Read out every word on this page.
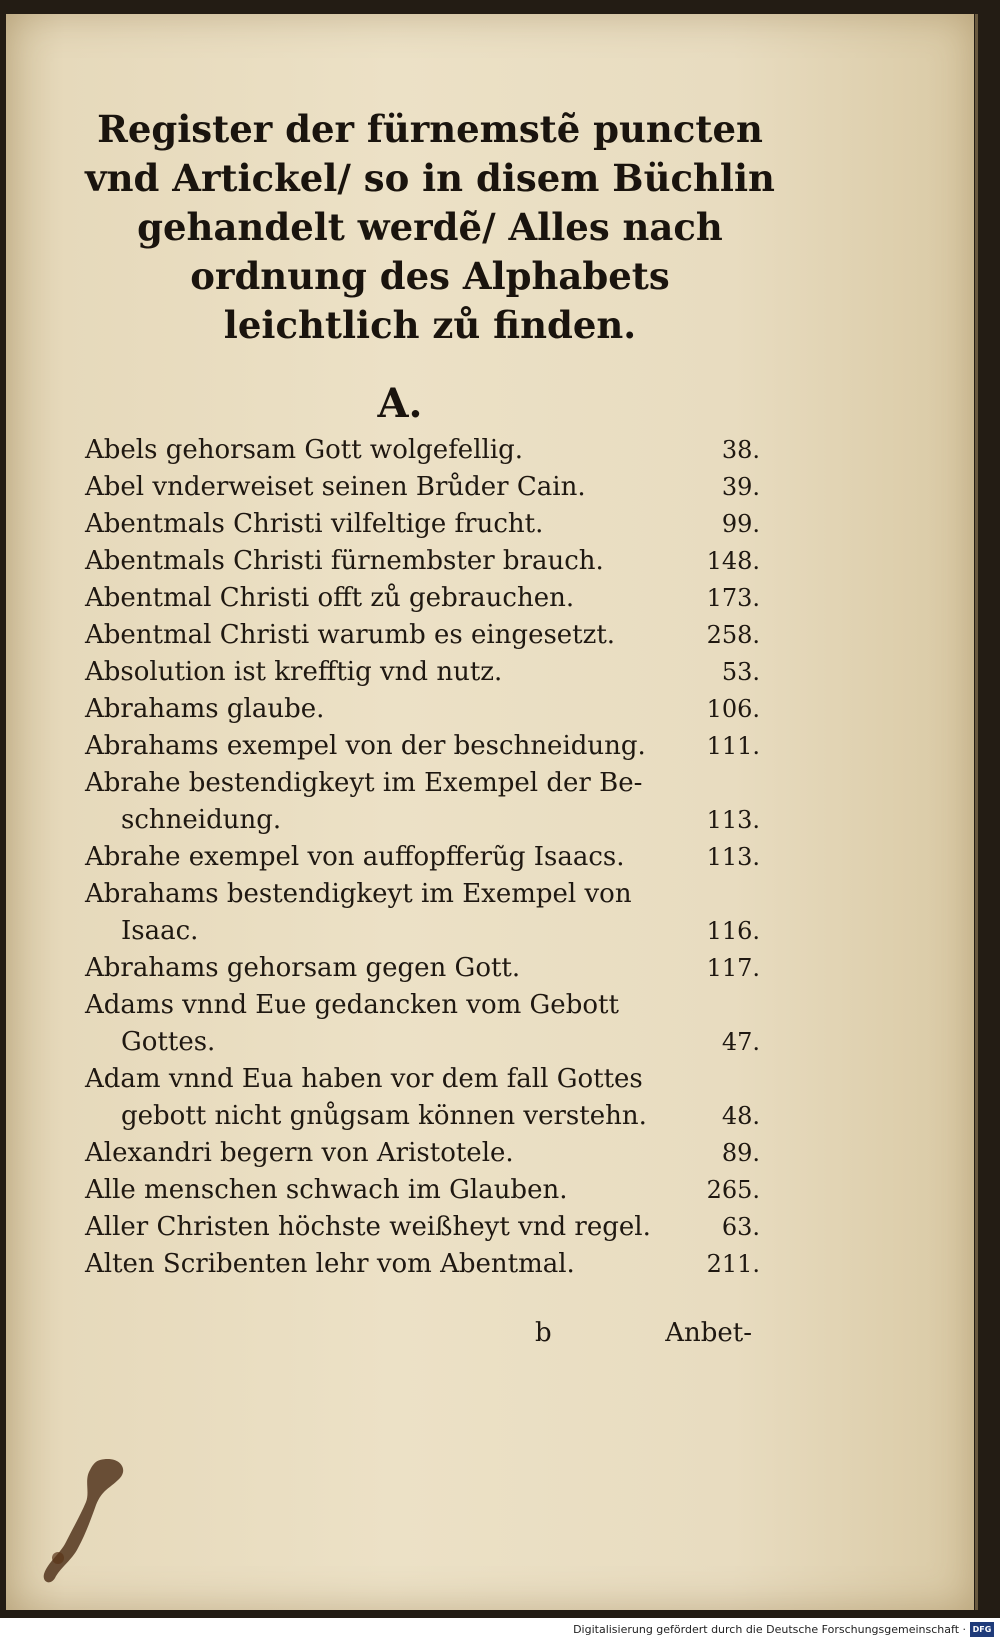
Register der fürnemstẽ puncten
vnd Artickel/ so in disem Büchlin
gehandelt werdẽ/ Alles nach
ordnung des Alphabets
leichtlich zů finden.
A.
Abels gehorsam Gott wolgefellig.	38.
Abel vnderweiset seinen Brůder Cain.	39.
Abentmals Christi vilfeltige frucht.	99.
Abentmals Christi fürnembster brauch.	148.
Abentmal Christi offt zů gebrauchen.	173.
Abentmal Christi warumb es eingesetzt.	258.
Absolution ist krefftig vnd nutz.	53.
Abrahams glaube.	106.
Abrahams exempel von der beschneidung.	111.
Abrahe bestendigkeyt im Exempel der Be-
schneidung.	113.
Abrahe exempel von auffopfferũg Isaacs.	113.
Abrahams bestendigkeyt im Exempel von
Isaac.	116.
Abrahams gehorsam gegen Gott.	117.
Adams vnnd Eue gedancken vom Gebott
Gottes.	47.
Adam vnnd Eua haben vor dem fall Gottes
gebott nicht gnůgsam können verstehn.	48.
Alexandri begern von Aristotele.	89.
Alle menschen schwach im Glauben.	265.
Aller Christen höchste weißheyt vnd regel.	63.
Alten Scribenten lehr vom Abentmal.	211.
b	Anbet-
Digitalisierung gefördert durch die Deutsche Forschungsgemeinschaft · DFG
